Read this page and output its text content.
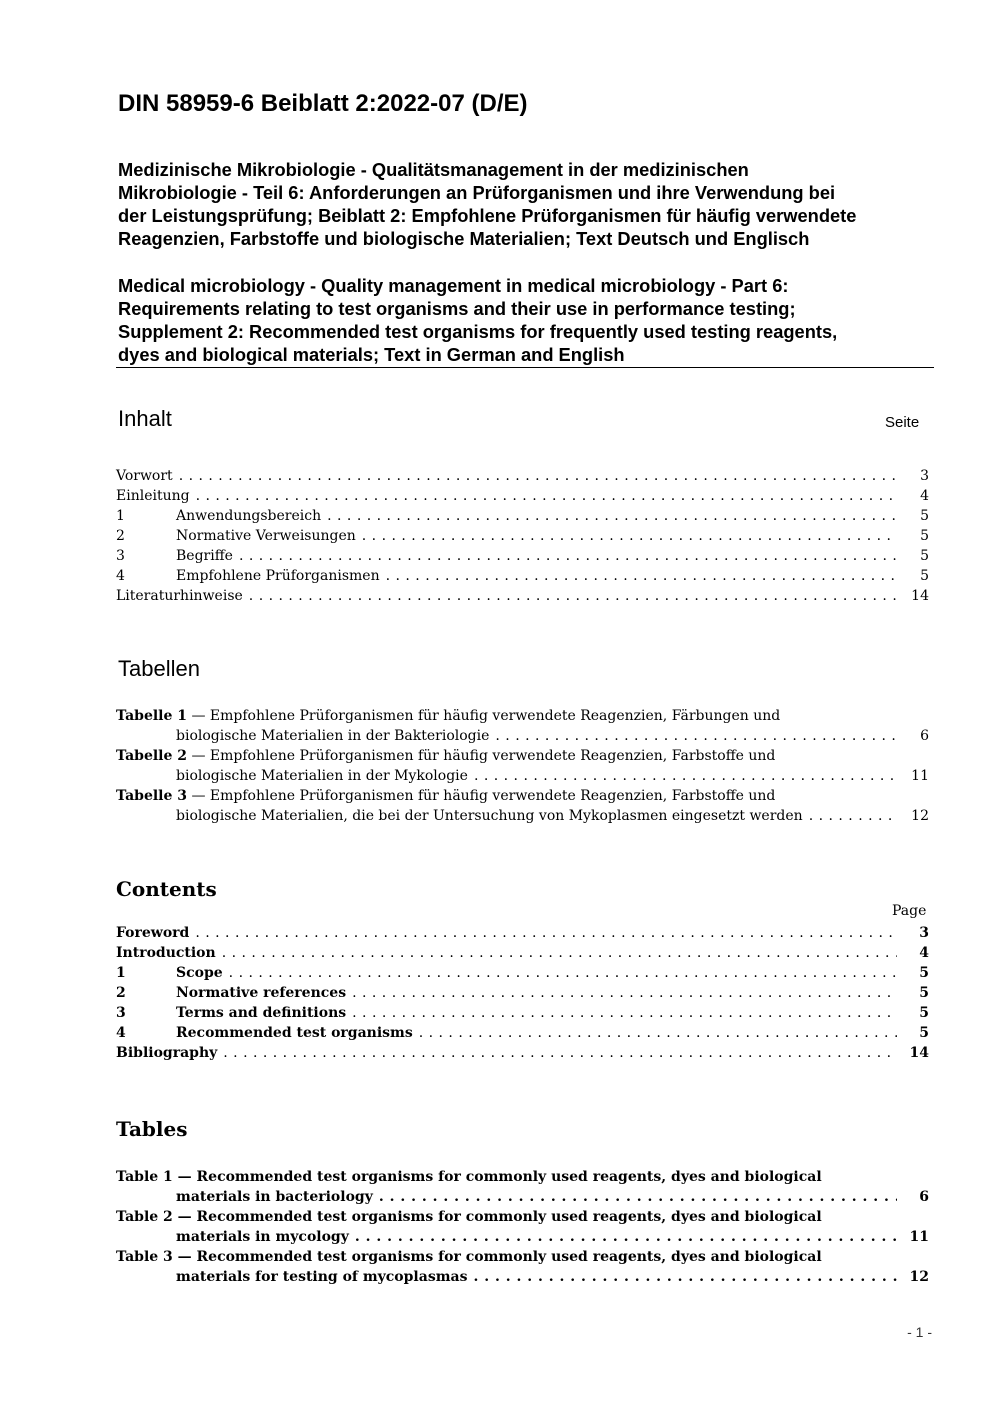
DIN 58959-6 Beiblatt 2:2022-07 (D/E)
Medizinische Mikrobiologie - Qualitätsmanagement in der medizinischen
Mikrobiologie - Teil 6: Anforderungen an Prüforganismen und ihre Verwendung bei
der Leistungsprüfung; Beiblatt 2: Empfohlene Prüforganismen für häufig verwendete
Reagenzien, Farbstoffe und biologische Materialien; Text Deutsch und Englisch
Medical microbiology - Quality management in medical microbiology - Part 6:
Requirements relating to test organisms and their use in performance testing;
Supplement 2: Recommended test organisms for frequently used testing reagents,
dyes and biological materials; Text in German and English
Inhalt	Seite
Vorwort . . .	3
Einleitung . . .	4
1	Anwendungsbereich . . .	5
2	Normative Verweisungen . . .	5
3	Begriffe . . .	5
4	Empfohlene Prüforganismen . . .	5
Literaturhinweise . . .	14
Tabellen
Tabelle 1 — Empfohlene Prüforganismen für häufig verwendete Reagenzien, Färbungen und
biologische Materialien in der Bakteriologie . . .	6
Tabelle 2 — Empfohlene Prüforganismen für häufig verwendete Reagenzien, Farbstoffe und
biologische Materialien in der Mykologie . . .	11
Tabelle 3 — Empfohlene Prüforganismen für häufig verwendete Reagenzien, Farbstoffe und
biologische Materialien, die bei der Untersuchung von Mykoplasmen eingesetzt werden . . .	12
Contents
Page
Foreword . . .	3
Introduction . . .	4
1	Scope . . .	5
2	Normative references . . .	5
3	Terms and definitions . . .	5
4	Recommended test organisms . . .	5
Bibliography . . .	14
Tables
Table 1 — Recommended test organisms for commonly used reagents, dyes and biological
materials in bacteriology . . .	6
Table 2 — Recommended test organisms for commonly used reagents, dyes and biological
materials in mycology . . .	11
Table 3 — Recommended test organisms for commonly used reagents, dyes and biological
materials for testing of mycoplasmas . . .	12
- 1 -
